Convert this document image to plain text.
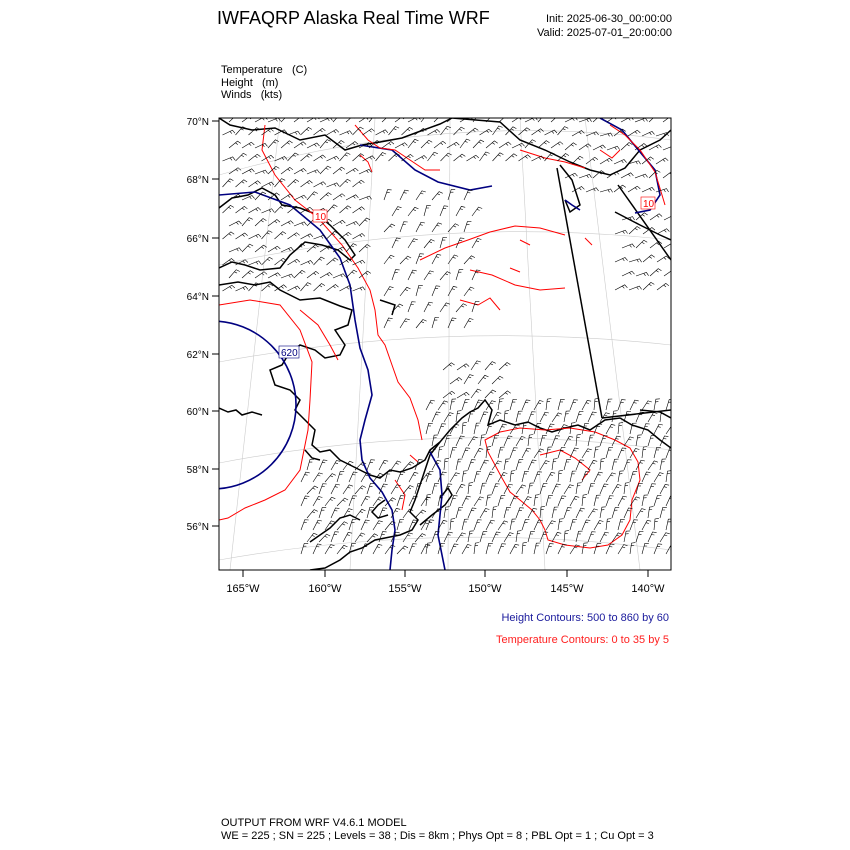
IWFAQRP Alaska Real Time WRF	Init: 2025-06-30_00:00:00
Valid: 2025-07-01_20:00:00
Temperature (C)
Height (m)
Winds (kts)
620
10
10
70°N
68°N
66°N
64°N
62°N
60°N
58°N
56°N
165°W	160°W	155°W	150°W	145°W	140°W
Height Contours: 500 to 860 by 60
Temperature Contours: 0 to 35 by 5
OUTPUT FROM WRF V4.6.1 MODEL
WE = 225 ; SN = 225 ; Levels = 38 ; Dis = 8km ; Phys Opt = 8 ; PBL Opt = 1 ; Cu Opt = 3
